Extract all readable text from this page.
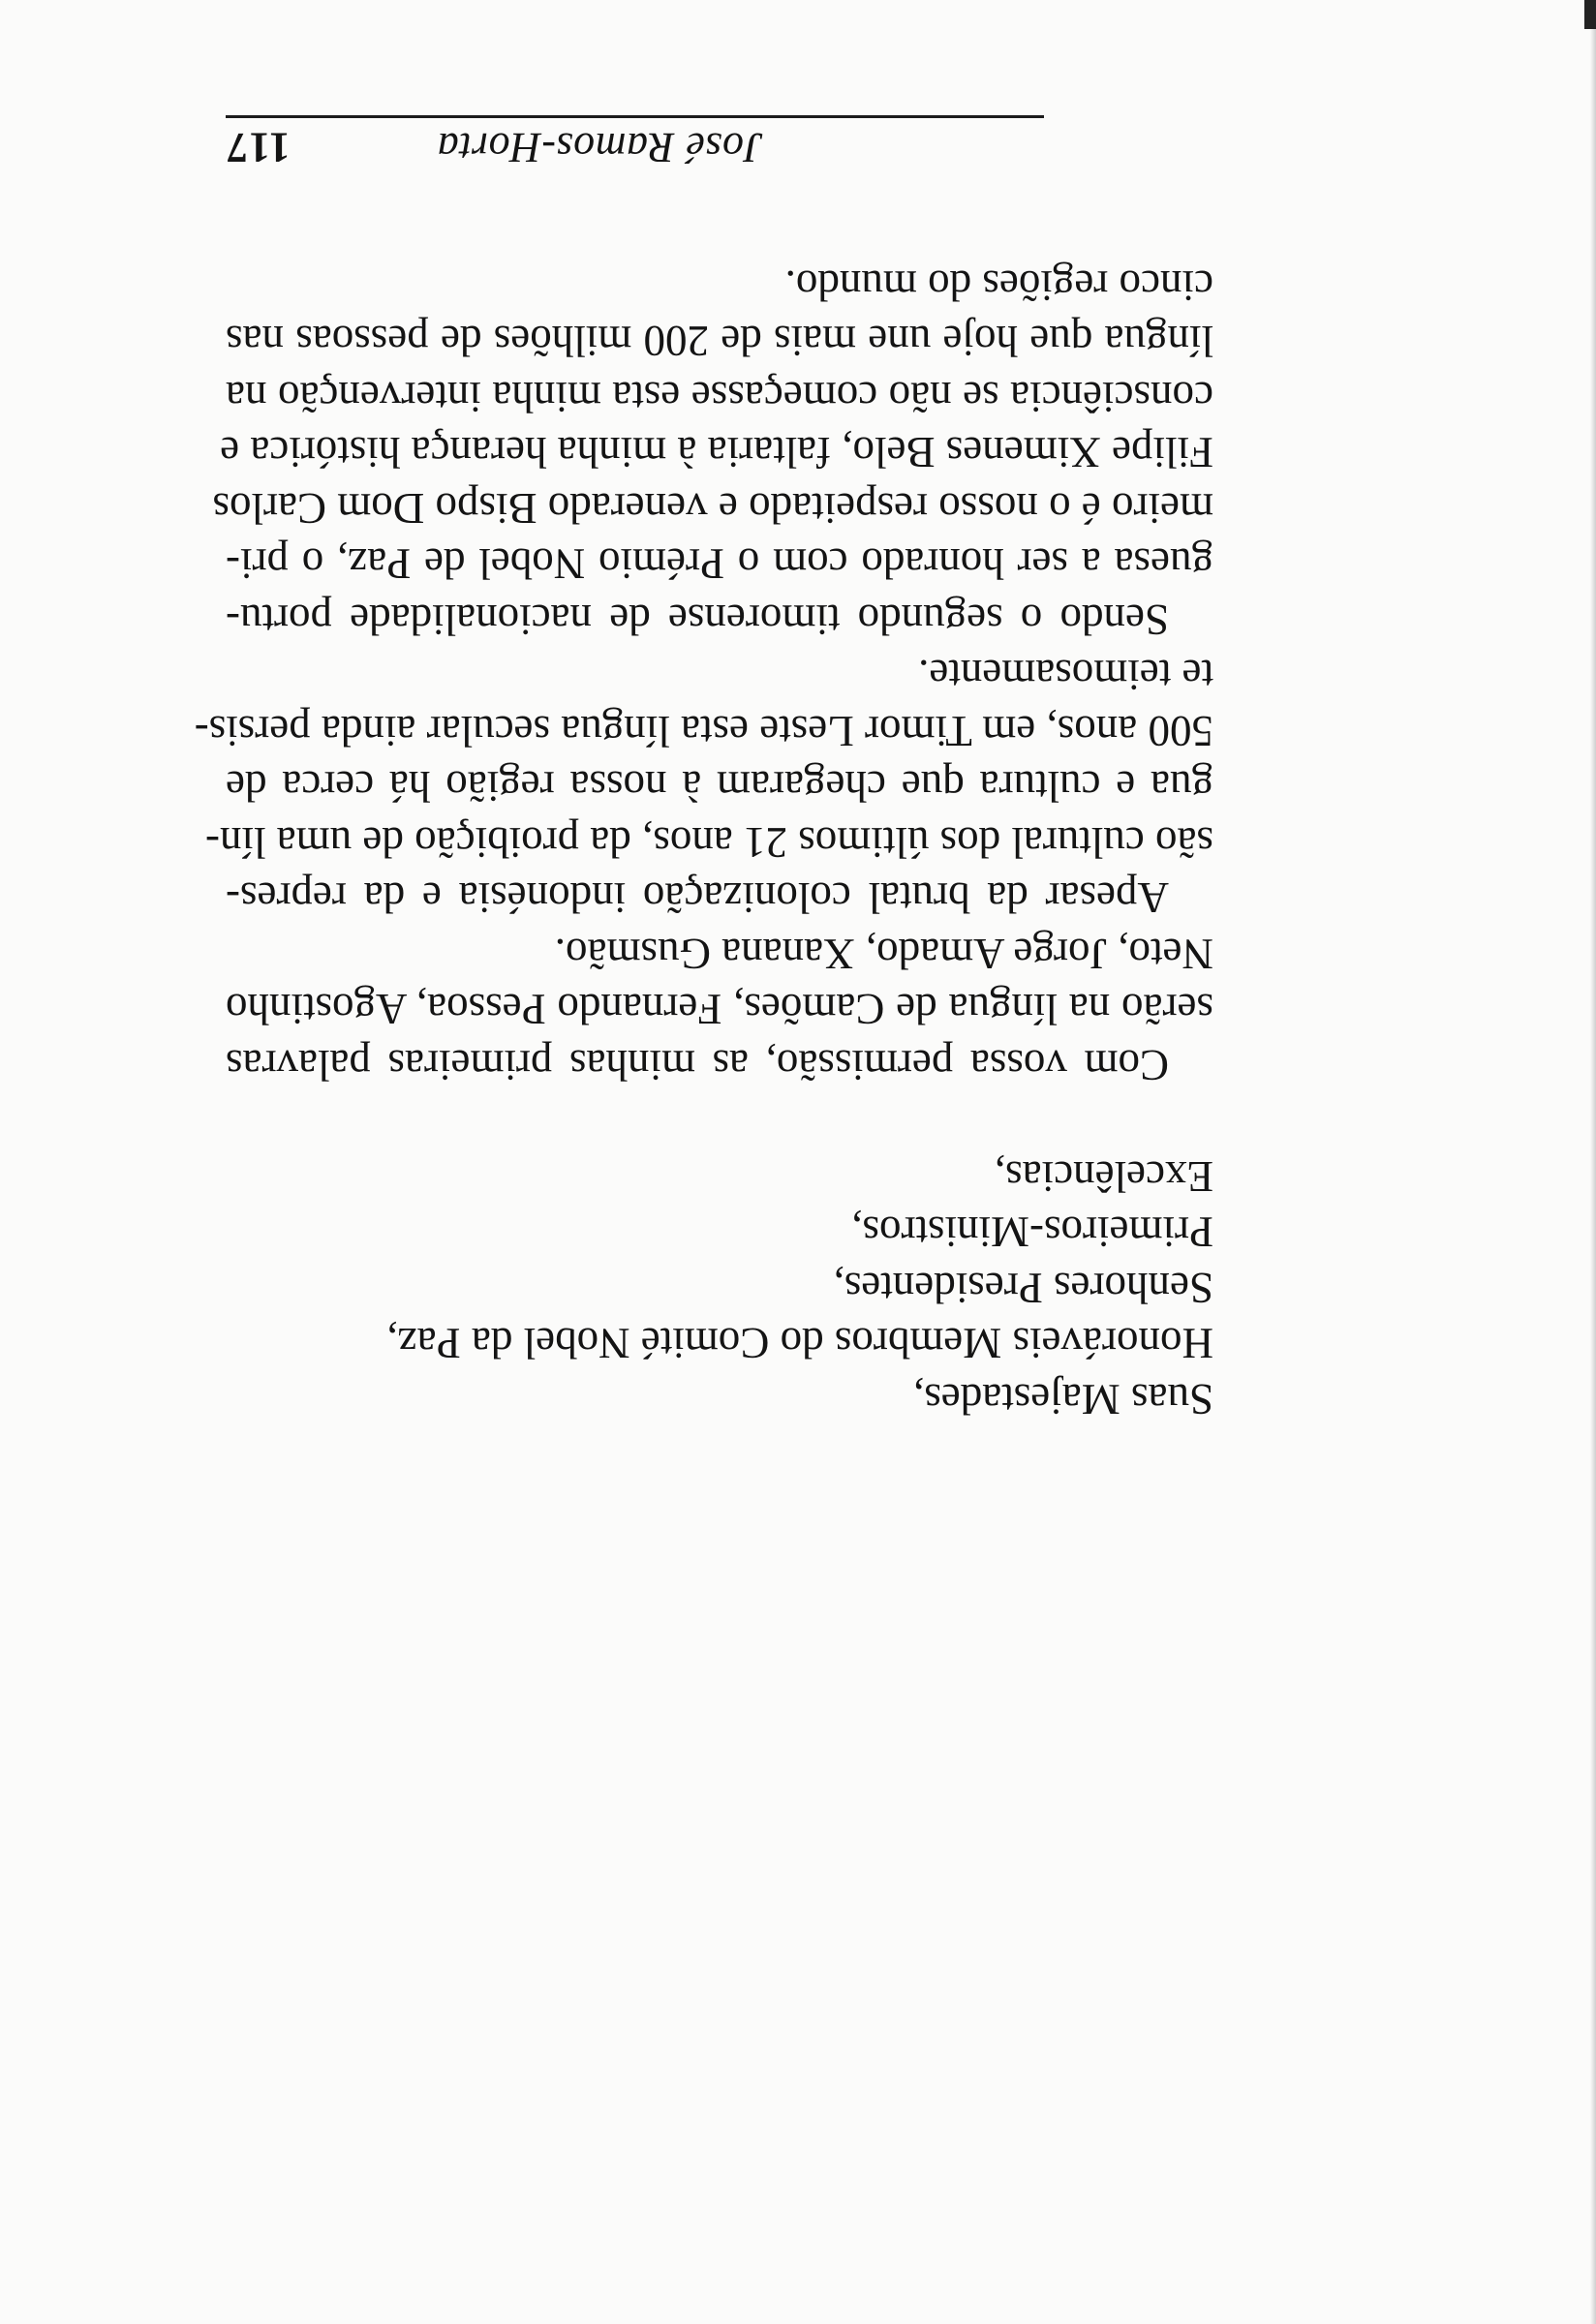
Suas Majestades,
Honoráveis Membros do Comité Nobel da Paz,
Senhores Presidentes,
Primeiros-Ministros,
Excelências,
Com vossa permissão, as minhas primeiras palavras
serão na língua de Camões, Fernando Pessoa, Agostinho
Neto, Jorge Amado, Xanana Gusmão.
Apesar da brutal colonização indonésia e da repres-
são cultural dos últimos 21 anos, da proibição de uma lín-
gua e cultura que chegaram à nossa região há cerca de
500 anos, em Timor Leste esta língua secular ainda persis-
te teimosamente.
Sendo o segundo timorense de nacionalidade portu-
guesa a ser honrado com o Prémio Nobel de Paz, o pri-
meiro é o nosso respeitado e venerado Bispo Dom Carlos
Filipe Ximenes Belo, faltaria à minha herança histórica e
consciência se não começasse esta minha intervenção na
língua que hoje une mais de 200 milhões de pessoas nas
cinco regiões do mundo.
José Ramos-Horta
117
